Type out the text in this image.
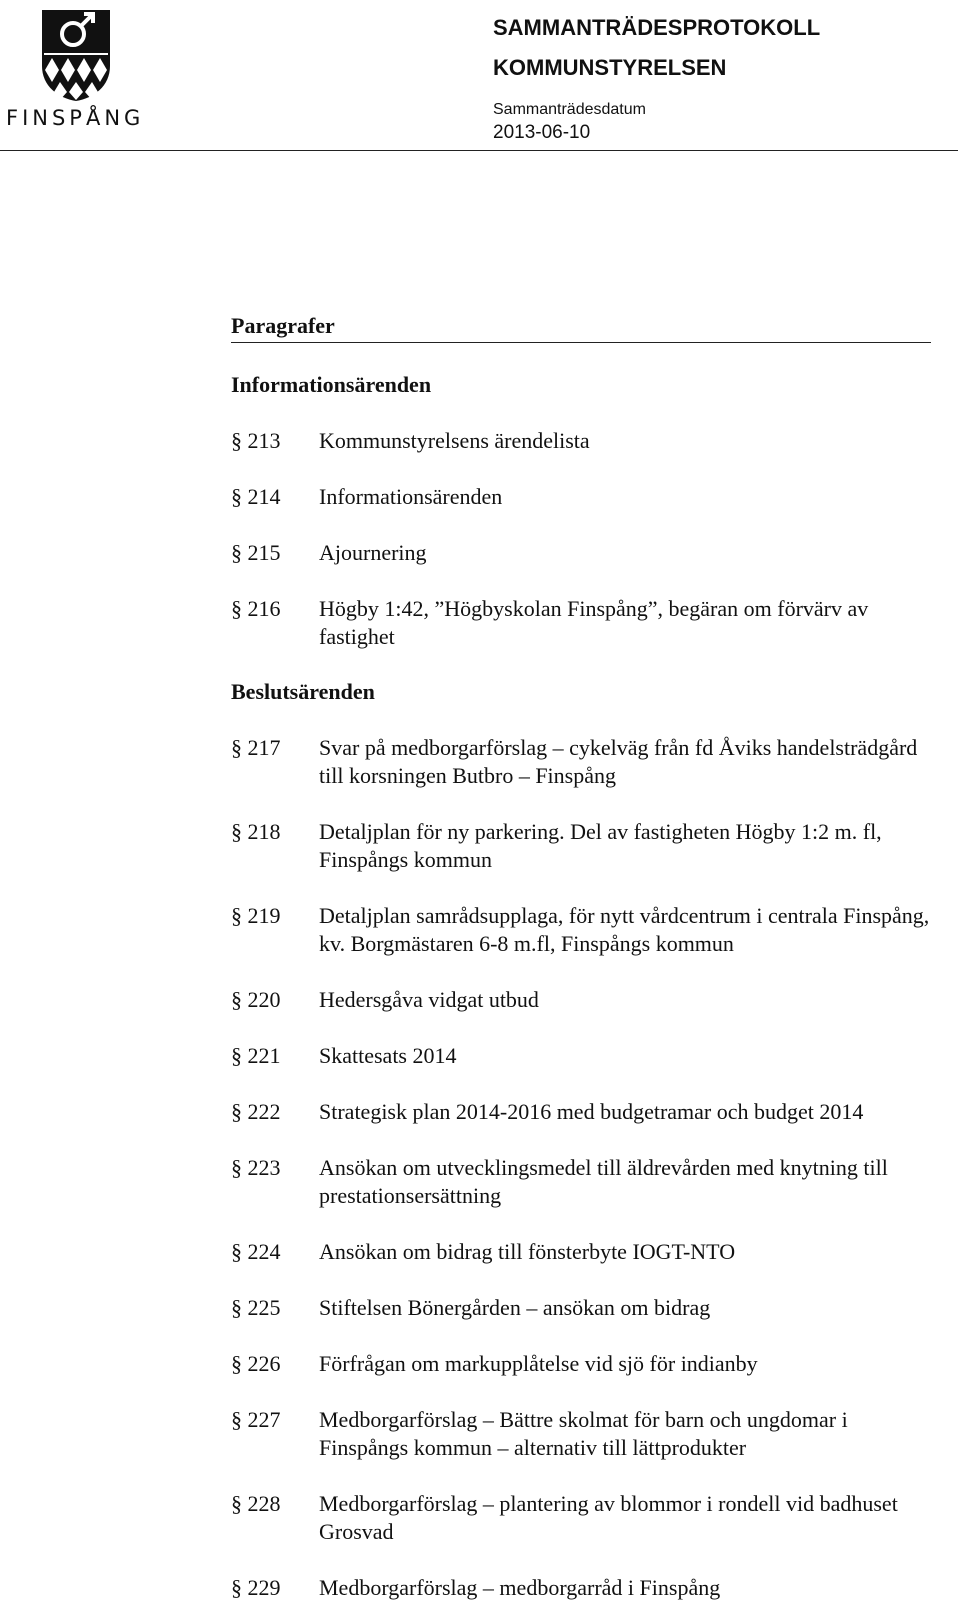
FINSPÅNG
SAMMANTRÄDESPROTOKOLL
KOMMUNSTYRELSEN
Sammanträdesdatum
2013-06-10
Paragrafer
Informationsärenden
§ 213	Kommunstyrelsens ärendelista
§ 214	Informationsärenden
§ 215	Ajournering
§ 216	Högby 1:42, ”Högbyskolan Finspång”, begäran om förvärv av fastighet
Beslutsärenden
§ 217	Svar på medborgarförslag – cykelväg från fd Åviks handelsträdgård till korsningen Butbro – Finspång
§ 218	Detaljplan för ny parkering. Del av fastigheten Högby 1:2 m. fl, Finspångs kommun
§ 219	Detaljplan samrådsupplaga, för nytt vårdcentrum i centrala Finspång, kv. Borgmästaren 6-8 m.fl, Finspångs kommun
§ 220	Hedersgåva vidgat utbud
§ 221	Skattesats 2014
§ 222	Strategisk plan 2014-2016 med budgetramar och budget 2014
§ 223	Ansökan om utvecklingsmedel till äldrevården med knytning till prestationsersättning
§ 224	Ansökan om bidrag till fönsterbyte IOGT-NTO
§ 225	Stiftelsen Bönergården – ansökan om bidrag
§ 226	Förfrågan om markupplåtelse vid sjö för indianby
§ 227	Medborgarförslag – Bättre skolmat för barn och ungdomar i Finspångs kommun – alternativ till lättprodukter
§ 228	Medborgarförslag – plantering av blommor i rondell vid badhuset Grosvad
§ 229	Medborgarförslag – medborgarråd i Finspång
